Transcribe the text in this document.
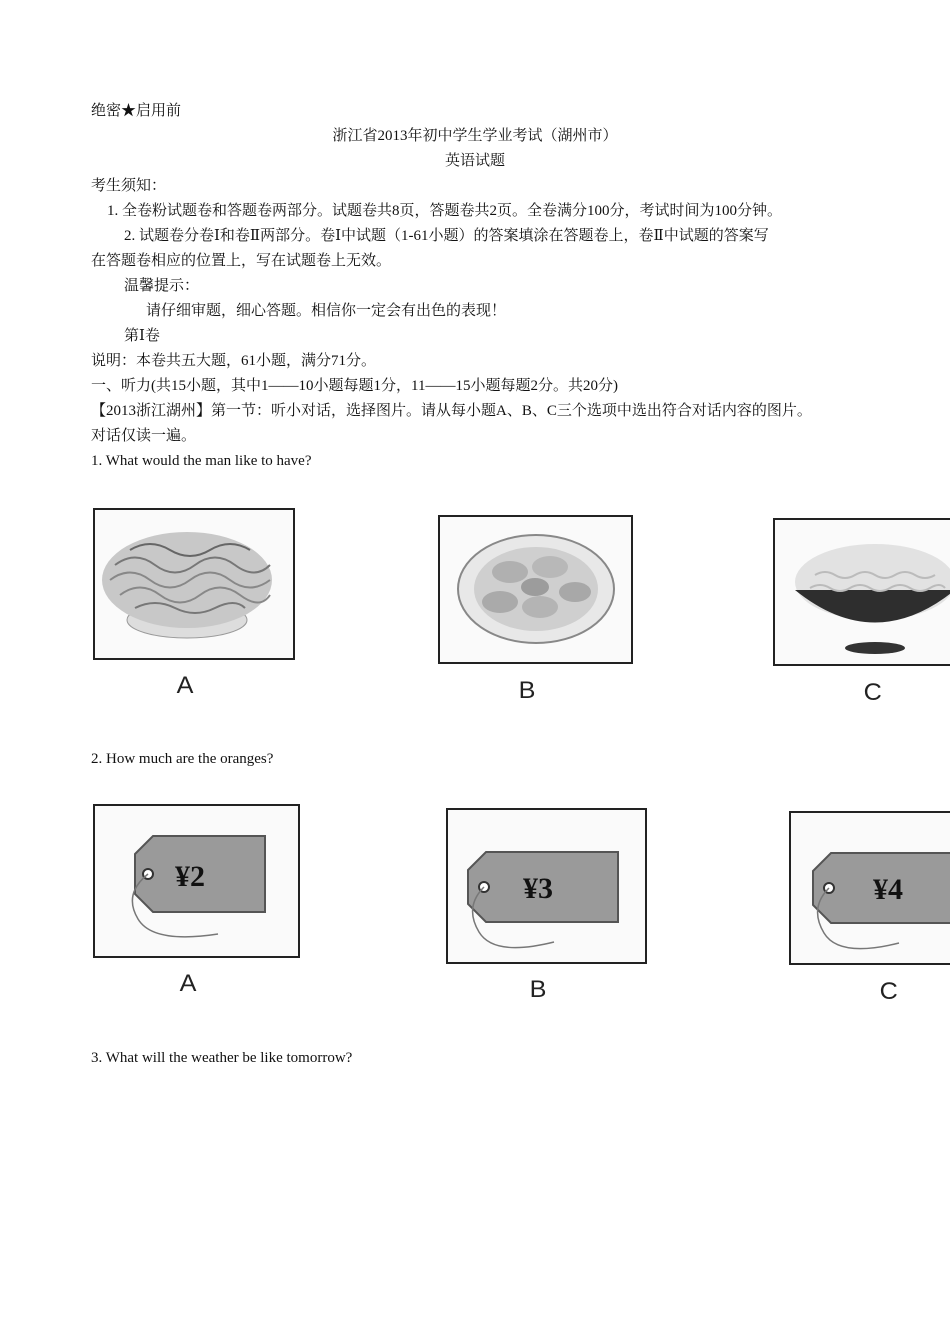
绝密★启用前
浙江省2013年初中学生学业考试（湖州市）
英语试题
考生须知：
1. 全卷粉试题卷和答题卷两部分。试题卷共8页，答题卷共2页。全卷满分100分，考试时间为100分钟。
2. 试题卷分卷Ⅰ和卷Ⅱ两部分。卷Ⅰ中试题（1-61小题）的答案填涂在答题卷上，卷Ⅱ中试题的答案写
在答题卷相应的位置上，写在试题卷上无效。
温馨提示：
请仔细审题，细心答题。相信你一定会有出色的表现！
第Ⅰ卷
说明：本卷共五大题，61小题，满分71分。
一、听力(共15小题，其中1——10小题每题1分，11——15小题每题2分。共20分)
【2013浙江湖州】第一节：听小对话，选择图片。请从每小题A、B、C三个选项中选出符合对话内容的图片。
对话仅读一遍。
1. What would the man like to have?
A	B	C
2. How much are the oranges?
¥2
A
¥3
B
¥4
C
3. What will the weather be like tomorrow?
